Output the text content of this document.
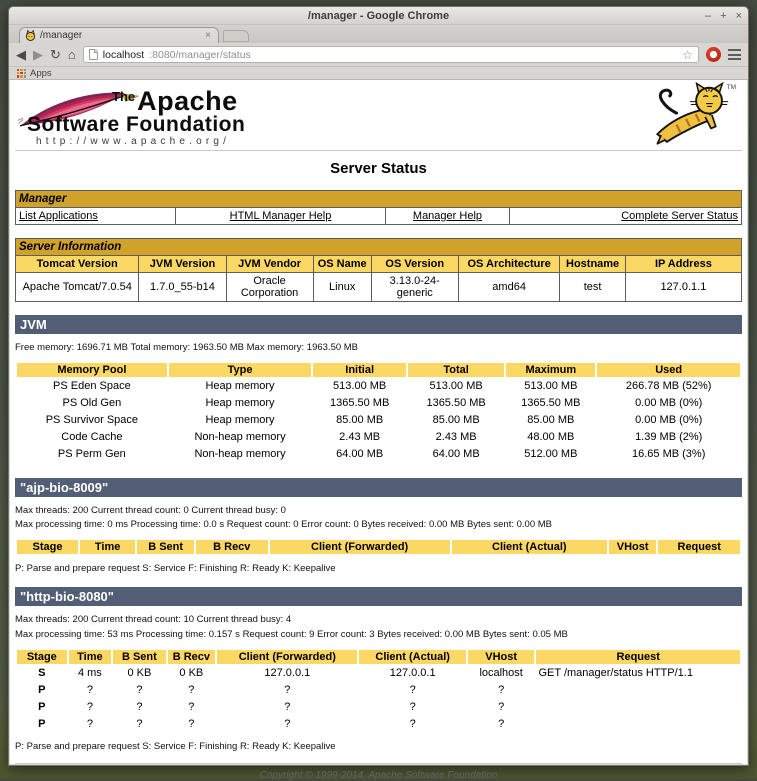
/manager - Google Chrome	– + ×
/manager	×
◀ ▶ ↻ ⌂	localhost :8080/manager/status	☆
Apps
$^{The}$Apache
Software Foundation
http://www.apache.org/
TM
Server Status
Manager
List Applications	HTML Manager Help	Manager Help	Complete Server Status
Server Information							
Tomcat Version	JVM Version	JVM Vendor	OS Name	OS Version	OS Architecture	Hostname	IP Address
Apache Tomcat/7.0.54	1.7.0_55-b14	Oracle Corporation	Linux	3.13.0-24-generic	amd64	test	127.0.1.1
JVM
Free memory: 1696.71 MB Total memory: 1963.50 MB Max memory: 1963.50 MB
Memory Pool	Type	Initial	Total	Maximum	Used
PS Eden Space	Heap memory	513.00 MB	513.00 MB	513.00 MB	266.78 MB (52%)
PS Old Gen	Heap memory	1365.50 MB	1365.50 MB	1365.50 MB	0.00 MB (0%)
PS Survivor Space	Heap memory	85.00 MB	85.00 MB	85.00 MB	0.00 MB (0%)
Code Cache	Non-heap memory	2.43 MB	2.43 MB	48.00 MB	1.39 MB (2%)
PS Perm Gen	Non-heap memory	64.00 MB	64.00 MB	512.00 MB	16.65 MB (3%)
"ajp-bio-8009"
Max threads: 200 Current thread count: 0 Current thread busy: 0
Max processing time: 0 ms Processing time: 0.0 s Request count: 0 Error count: 0 Bytes received: 0.00 MB Bytes sent: 0.00 MB
Stage	Time	B Sent	B Recv	Client (Forwarded)	Client (Actual)	VHost	Request
P: Parse and prepare request S: Service F: Finishing R: Ready K: Keepalive
"http-bio-8080"
Max threads: 200 Current thread count: 10 Current thread busy: 4
Max processing time: 53 ms Processing time: 0.157 s Request count: 9 Error count: 3 Bytes received: 0.00 MB Bytes sent: 0.05 MB
Stage	Time	B Sent	B Recv	Client (Forwarded)	Client (Actual)	VHost	Request
S	4 ms	0 KB	0 KB	127.0.0.1	127.0.0.1	localhost	GET /manager/status HTTP/1.1
P	?	?	?	?	?	?	
P	?	?	?	?	?	?	
P	?	?	?	?	?	?	
P: Parse and prepare request S: Service F: Finishing R: Ready K: Keepalive
Copyright © 1999-2014, Apache Software Foundation
